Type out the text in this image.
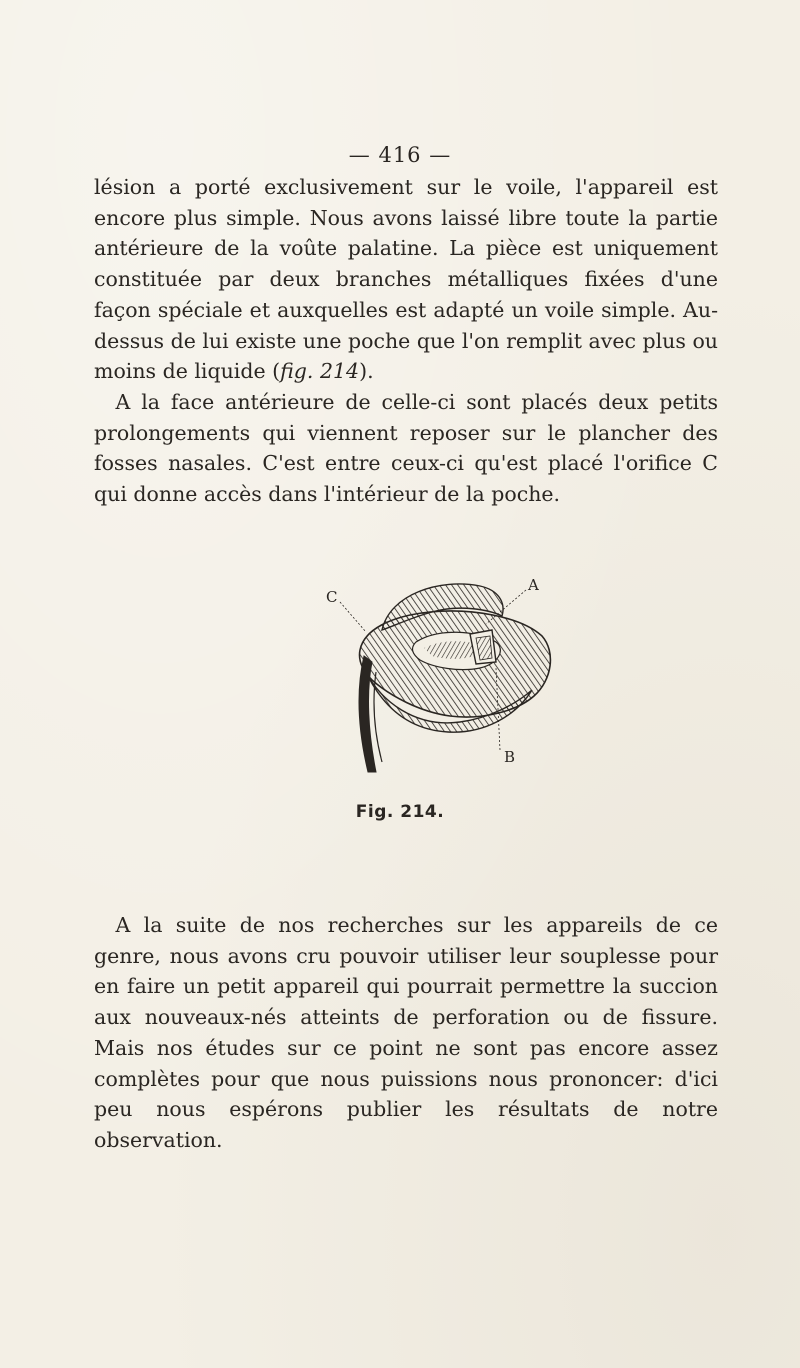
— 416 —

lésion a porté exclusivement sur le voile, l'appareil est encore plus simple. Nous avons laissé libre toute la partie antérieure de la voûte palatine. La pièce est uniquement constituée par deux branches métalliques fixées d'une façon spéciale et auxquelles est adapté un voile simple. Au-dessus de lui existe une poche que l'on remplit avec plus ou moins de liquide (fig. 214).

A la face antérieure de celle-ci sont placés deux petits prolongements qui viennent reposer sur le plancher des fosses nasales. C'est entre ceux-ci qu'est placé l'orifice C qui donne accès dans l'intérieur de la poche.

C
A
B
Fig. 214.

A la suite de nos recherches sur les appareils de ce genre, nous avons cru pouvoir utiliser leur souplesse pour en faire un petit appareil qui pourrait permettre la succion aux nouveaux-nés atteints de perforation ou de fissure. Mais nos études sur ce point ne sont pas encore assez complètes pour que nous puissions nous prononcer: d'ici peu nous espérons publier les résultats de notre observation.
